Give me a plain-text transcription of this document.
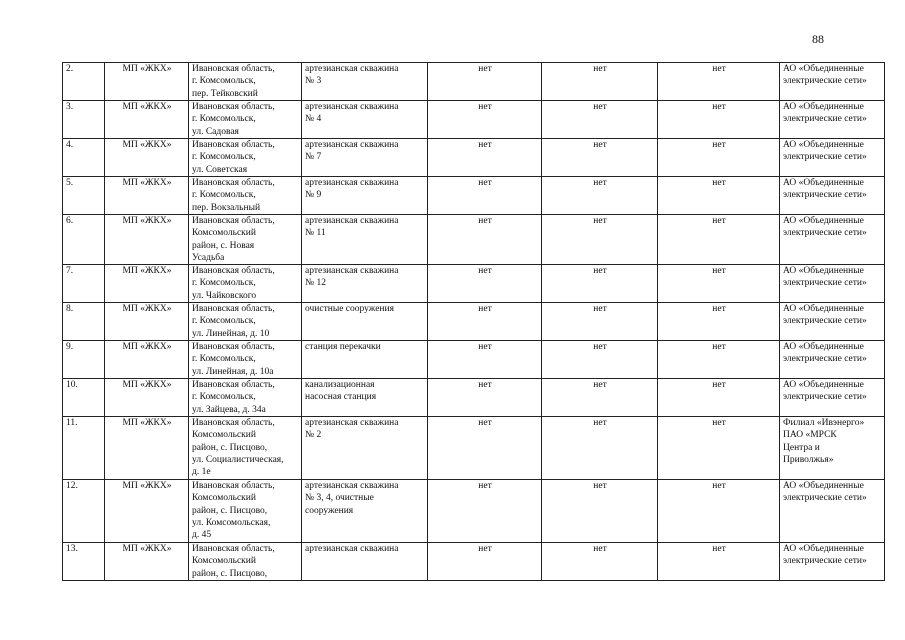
88
2.	МП «ЖКХ»	Ивановская область,
г. Комсомольск,
пер. Тейковский	артезианская скважина
№ 3	нет	нет	нет	АО «Объединенные
электрические сети»

3.	МП «ЖКХ»	Ивановская область,
г. Комсомольск,
ул. Садовая	артезианская скважина
№ 4	нет	нет	нет	АО «Объединенные
электрические сети»

4.	МП «ЖКХ»	Ивановская область,
г. Комсомольск,
ул. Советская	артезианская скважина
№ 7	нет	нет	нет	АО «Объединенные
электрические сети»

5.	МП «ЖКХ»	Ивановская область,
г. Комсомольск,
пер. Вокзальный	артезианская скважина
№ 9	нет	нет	нет	АО «Объединенные
электрические сети»

6.	МП «ЖКХ»	Ивановская область,
Комсомольский
район, с. Новая
Усадьба	артезианская скважина
№ 11	нет	нет	нет	АО «Объединенные
электрические сети»

7.	МП «ЖКХ»	Ивановская область,
г. Комсомольск,
ул. Чайковского	артезианская скважина
№ 12	нет	нет	нет	АО «Объединенные
электрические сети»

8.	МП «ЖКХ»	Ивановская область,
г. Комсомольск,
ул. Линейная, д. 10	очистные сооружения	нет	нет	нет	АО «Объединенные
электрические сети»

9.	МП «ЖКХ»	Ивановская область,
г. Комсомольск,
ул. Линейная, д. 10а	станция перекачки	нет	нет	нет	АО «Объединенные
электрические сети»

10.	МП «ЖКХ»	Ивановская область,
г. Комсомольск,
ул. Зайцева, д. 34а	канализационная
насосная станция	нет	нет	нет	АО «Объединенные
электрические сети»

11.	МП «ЖКХ»	Ивановская область,
Комсомольский
район, с. Писцово,
ул. Социалистическая,
д. 1е	артезианская скважина
№ 2	нет	нет	нет	Филиал «Ивэнерго»
ПАО «МРСК
Центра и
Приволжья»

12.	МП «ЖКХ»	Ивановская область,
Комсомольский
район, с. Писцово,
ул. Комсомольская,
д. 45	артезианская скважина
№ 3, 4, очистные
сооружения	нет	нет	нет	АО «Объединенные
электрические сети»

13.	МП «ЖКХ»	Ивановская область,
Комсомольский
район, с. Писцово,	артезианская скважина	нет	нет	нет	АО «Объединенные
электрические сети»
